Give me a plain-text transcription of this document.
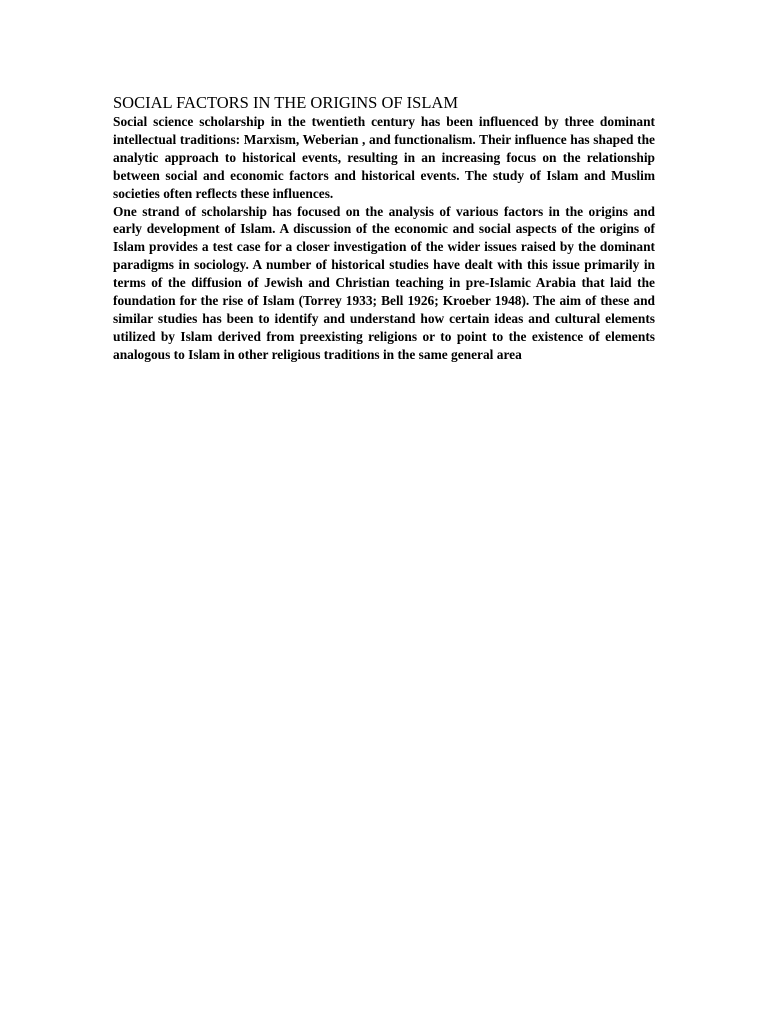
SOCIAL FACTORS IN THE ORIGINS OF ISLAM

Social science scholarship in the twentieth century has been influenced by three dominant intellectual traditions: Marxism, Weberian , and functionalism. Their influence has shaped the analytic approach to historical events, resulting in an increasing focus on the relationship between social and economic factors and historical events. The study of Islam and Muslim societies often reflects these influences.

One strand of scholarship has focused on the analysis of various factors in the origins and early development of Islam. A discussion of the economic and social aspects of the origins of Islam provides a test case for a closer investigation of the wider issues raised by the dominant paradigms in sociology. A number of historical studies have dealt with this issue primarily in terms of the diffusion of Jewish and Christian teaching in pre-Islamic Arabia that laid the foundation for the rise of Islam (Torrey 1933; Bell 1926; Kroeber 1948). The aim of these and similar studies has been to identify and understand how certain ideas and cultural elements utilized by Islam derived from preexisting religions or to point to the existence of elements analogous to Islam in other religious traditions in the same general area
